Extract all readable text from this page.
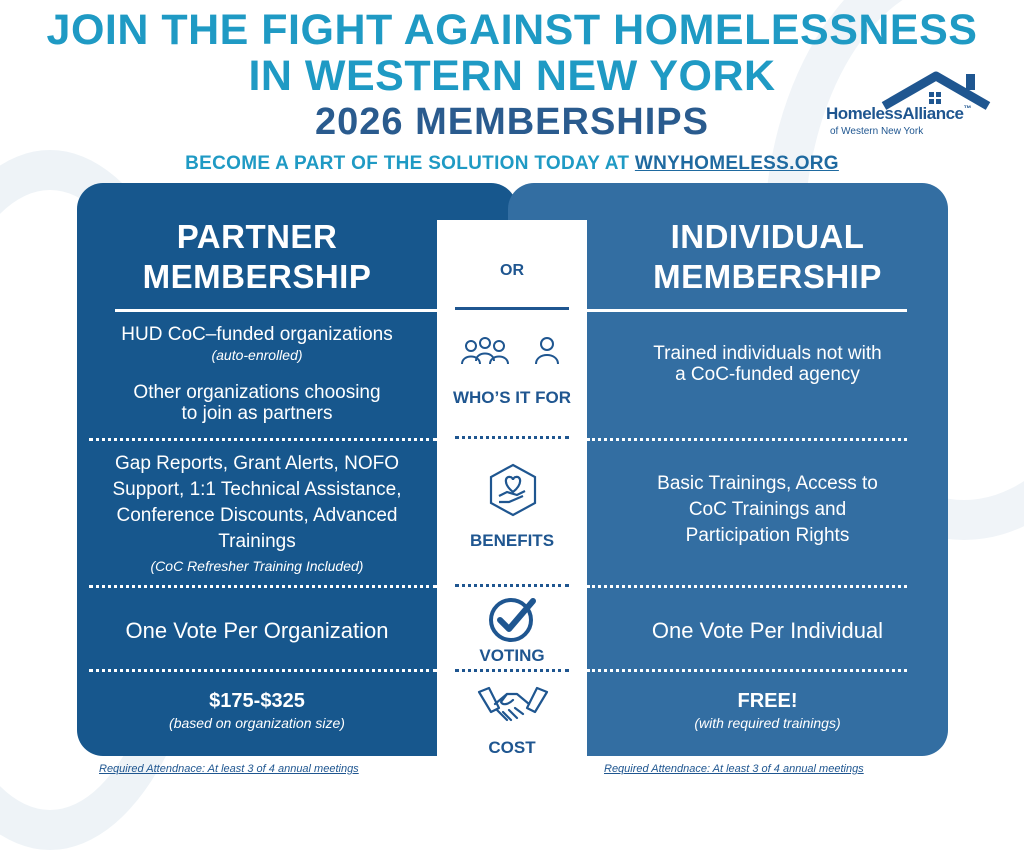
JOIN THE FIGHT AGAINST HOMELESSNESS
IN WESTERN NEW YORK
2026 MEMBERSHIPS
BECOME A PART OF THE SOLUTION TODAY AT WNYHOMELESS.ORG
HomelessAlliance™
of Western New York
PARTNER
MEMBERSHIP
HUD CoC–funded organizations
(auto-enrolled)
Other organizations choosing
to join as partners
Gap Reports, Grant Alerts, NOFO
Support, 1:1 Technical Assistance,
Conference Discounts, Advanced
Trainings
(CoC Refresher Training Included)
One Vote Per Organization
$175-$325
(based on organization size)
INDIVIDUAL
MEMBERSHIP
Trained individuals not with
a CoC-funded agency
Basic Trainings, Access to
CoC Trainings and
Participation Rights
One Vote Per Individual
FREE!
(with required trainings)
OR
WHO’S IT FOR
BENEFITS
VOTING
COST
Required Attendnace: At least 3 of 4 annual meetings	Required Attendnace: At least 3 of 4 annual meetings
